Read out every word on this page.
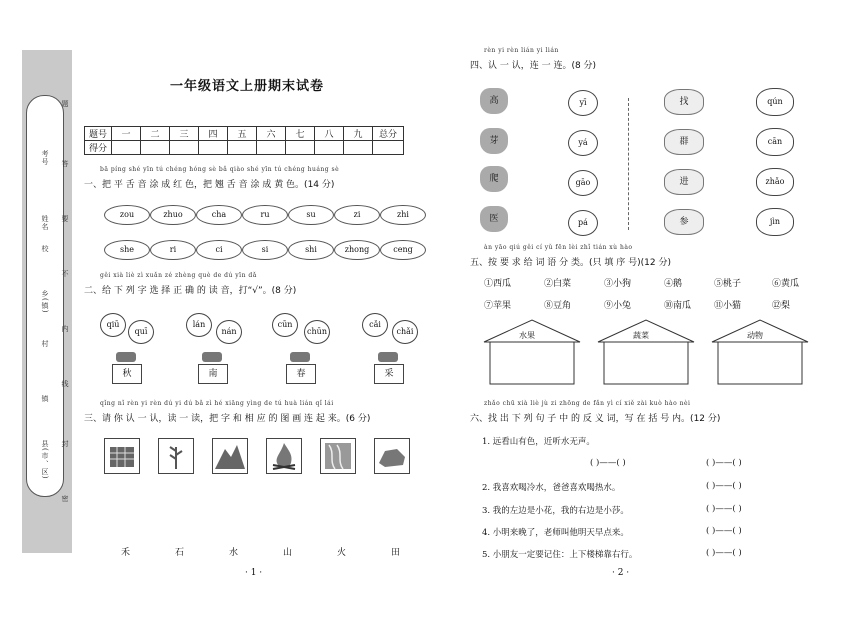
题
答
要
不
内
线
封
密
考号
姓名
校
乡(镇)
村
镇
县(市、区)
一年级语文上册期末试卷
题号	一	二	三	四	五	六	七	八	九	总分
得分										
bā píng shé yīn tú chéng hóng sè bǎ qiào shé yīn tú chéng huáng sè
一、把 平 舌 音 涂 成 红 色，把 翘 舌 音 涂 成 黄 色。(14 分)
zou	zhuo	cha	ru	su	zi	zhi
she	ri	ci	si	shi	zhong	ceng
gěi xià liè zì xuǎn zé zhèng què de dú yīn dǎ
二、给 下 列 字 选 择 正 确 的 读 音，打“√”。(8 分)
qiū
quī
秋
lán
nán
南
cūn
chūn
春
cǎi
chǎi
采
qǐng nǐ rèn yi rèn dú yi dú bǎ zì hé xiāng yìng de tú huà lián qǐ lái
三、请 你 认 一 认，读 一 读，把 字 和 相 应 的 图 画 连 起 来。(6 分)
禾	石	水	山	火	田
· 1 ·
rèn yi rèn lián yi lián
四、认 一 认，连 一 连。(8 分)
高
芽
爬
医
yī
yá
gāo
pá
找
群
进
参
qún
cān
zhǎo
jìn
àn yāo qiú gěi cí yǔ fēn lèi zhǐ tián xù hào
五、按 要 求 给 词 语 分 类。(只 填 序 号)(12 分)
①西瓜	②白菜	③小狗	④鹅	⑤桃子	⑥黄瓜
⑦苹果	⑧豆角	⑨小兔	⑩南瓜	⑪小猫	⑫梨
水果	蔬菜	动物
zhǎo chū xià liè jù zi zhōng de fǎn yì cí xiě zài kuò hào nèi
六、找 出 下 列 句 子 中 的 反 义 词，写 在 括 号 内。(12 分)
1. 远看山有色，近听水无声。
( )——( )	( )——( )
2. 我喜欢喝冷水，爸爸喜欢喝热水。	( )——( )
3. 我的左边是小花，我的右边是小莎。	( )——( )
4. 小明来晚了，老师叫他明天早点来。	( )——( )
5. 小朋友一定要记住：上下楼梯靠右行。	( )——( )
· 2 ·
